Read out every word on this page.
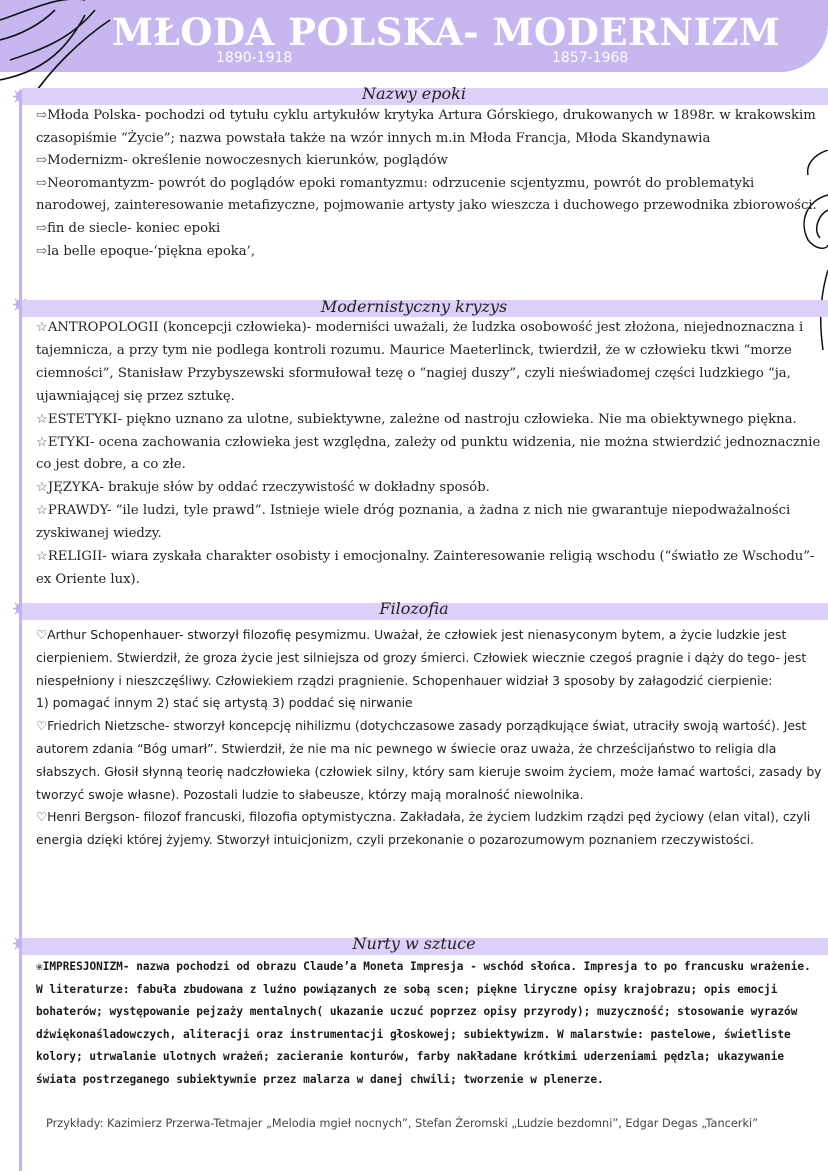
MŁODA POLSKA- MODERNIZM
1890-1918	1857-1968
Nazwy epoki

⇨Młoda Polska- pochodzi od tytułu cyklu artykułów krytyka Artura Górskiego, drukowanych w 1898r. w krakowskim czasopiśmie “Życie”; nazwa powstała także na wzór innych m.in Młoda Francja, Młoda Skandynawia

⇨Modernizm- określenie nowoczesnych kierunków, poglądów

⇨Neoromantyzm- powrót do poglądów epoki romantyzmu: odrzucenie scjentyzmu, powrót do problematyki narodowej, zainteresowanie metafizyczne, pojmowanie artysty jako wieszcza i duchowego przewodnika zbiorowości.

⇨fin de siecle- koniec epoki

⇨la belle epoque-‘piękna epoka’,

Modernistyczny kryzys

☆ANTROPOLOGII (koncepcji człowieka)- moderniści uważali, że ludzka osobowość jest złożona, niejednoznaczna i tajemnicza, a przy tym nie podlega kontroli rozumu. Maurice Maeterlinck, twierdził, że w człowieku tkwi “morze ciemności”, Stanisław Przybyszewski sformułował tezę o “nagiej duszy”, czyli nieświadomej części ludzkiego “ja, ujawniającej się przez sztukę.

☆ESTETYKI- piękno uznano za ulotne, subiektywne, zależne od nastroju człowieka. Nie ma obiektywnego piękna.

☆ETYKI- ocena zachowania człowieka jest względna, zależy od punktu widzenia, nie można stwierdzić jednoznacznie co jest dobre, a co złe.

☆JĘZYKA- brakuje słów by oddać rzeczywistość w dokładny sposób.

☆PRAWDY- “ile ludzi, tyle prawd”. Istnieje wiele dróg poznania, a żadna z nich nie gwarantuje niepodważalności zyskiwanej wiedzy.

☆RELIGII- wiara zyskała charakter osobisty i emocjonalny. Zainteresowanie religią wschodu (“światło ze Wschodu”-ex Oriente lux).

Filozofia

♡Arthur Schopenhauer- stworzył filozofię pesymizmu. Uważał, że człowiek jest nienasyconym bytem, a życie ludzkie jest cierpieniem. Stwierdził, że groza życie jest silniejsza od grozy śmierci. Człowiek wiecznie czegoś pragnie i dąży do tego- jest niespełniony i nieszczęśliwy. Człowiekiem rządzi pragnienie. Schopenhauer widział 3 sposoby by załagodzić cierpienie:

1) pomagać innym 2) stać się artystą 3) poddać się nirwanie

♡Friedrich Nietzsche- stworzył koncepcję nihilizmu (dotychczasowe zasady porządkujące świat, utraciły swoją wartość). Jest autorem zdania “Bóg umarł”. Stwierdził, że nie ma nic pewnego w świecie oraz uważa, że chrześcijaństwo to religia dla słabszych. Głosił słynną teorię nadczłowieka (człowiek silny, który sam kieruje swoim życiem, może łamać wartości, zasady by tworzyć swoje własne). Pozostali ludzie to słabeusze, którzy mają moralność niewolnika.

♡Henri Bergson- filozof francuski, filozofia optymistyczna. Zakładała, że życiem ludzkim rządzi pęd życiowy (elan vital), czyli energia dzięki której żyjemy. Stworzył intuicjonizm, czyli przekonanie o pozarozumowym poznaniem rzeczywistości.

Nurty w sztuce

❀IMPRESJONIZM- nazwa pochodzi od obrazu Claude’a Moneta Impresja - wschód słońca. Impresja to po francusku wrażenie. W literaturze: fabuła zbudowana z luźno powiązanych ze sobą scen; piękne liryczne opisy krajobrazu; opis emocji bohaterów; występowanie pejzaży mentalnych( ukazanie uczuć poprzez opisy przyrody); muzyczność; stosowanie wyrazów dźwiękonaśladowczych, aliteracji oraz instrumentacji głoskowej; subiektywizm. W malarstwie: pastelowe, świetliste kolory; utrwalanie ulotnych wrażeń; zacieranie konturów, farby nakładane krótkimi uderzeniami pędzla; ukazywanie świata postrzeganego subiektywnie przez malarza w danej chwili; tworzenie w plenerze.

Przykłady: Kazimierz Przerwa-Tetmajer „Melodia mgieł nocnych”, Stefan Żeromski „Ludzie bezdomni”, Edgar Degas „Tancerki”
